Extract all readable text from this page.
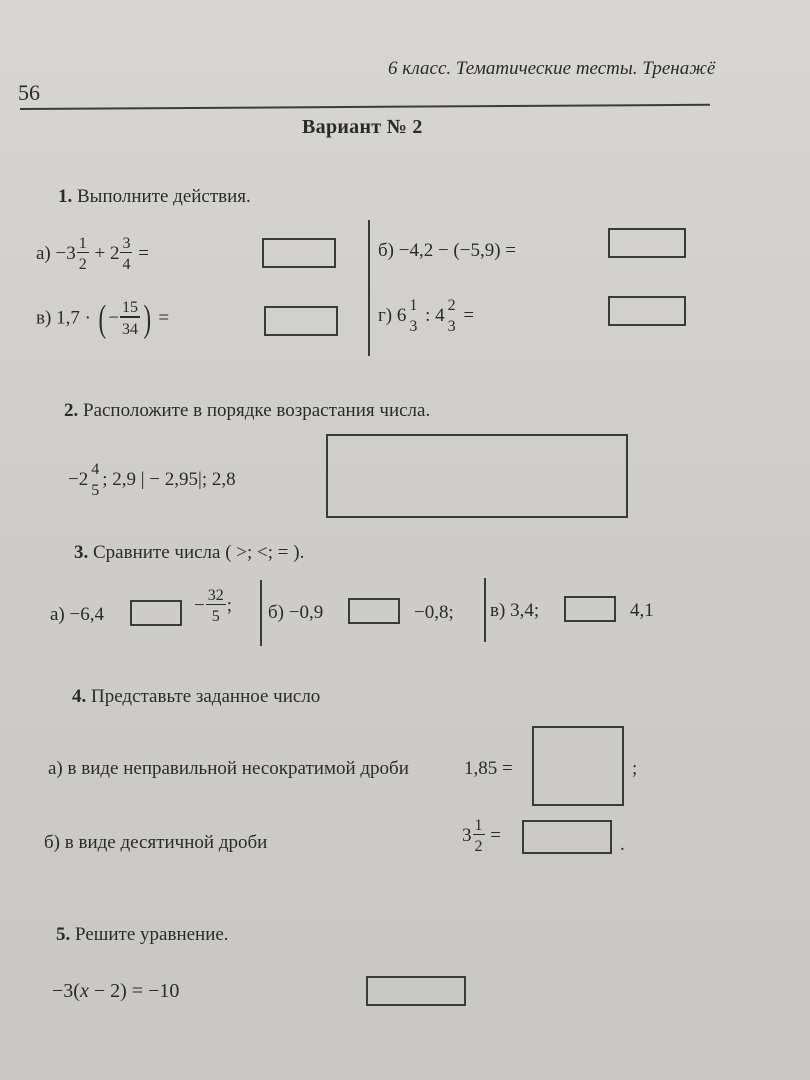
56
6 класс. Тематические тесты. Тренажё
Вариант № 2
1. Выполните действия.
$а) -3 \frac{1}{2} + 2 \frac{3}{4}$ =	б) −4,2 − (−5,9) =
в) 1,7 · ( − $\frac{15}{34}$ ) =	г) 6 1
3
: 4 2
3
=
2. Расположите в порядке возрастания числа.
−2 4
5
; 2,9 | − 2,95|; 2,8
3. Сравните числа ( >; <; = ).
а) −6,4	− $\frac{32}{5}$ ; б) −0,9	−0,8; в) 3,4;	4,1
4. Представьте заданное число
а) в виде неправильной несократимой дроби	1,85 =	;
б) в виде десятичной дроби	$3 \frac{1}{2}$ =	.
5. Решите уравнение.
−3(x − 2) = −10
